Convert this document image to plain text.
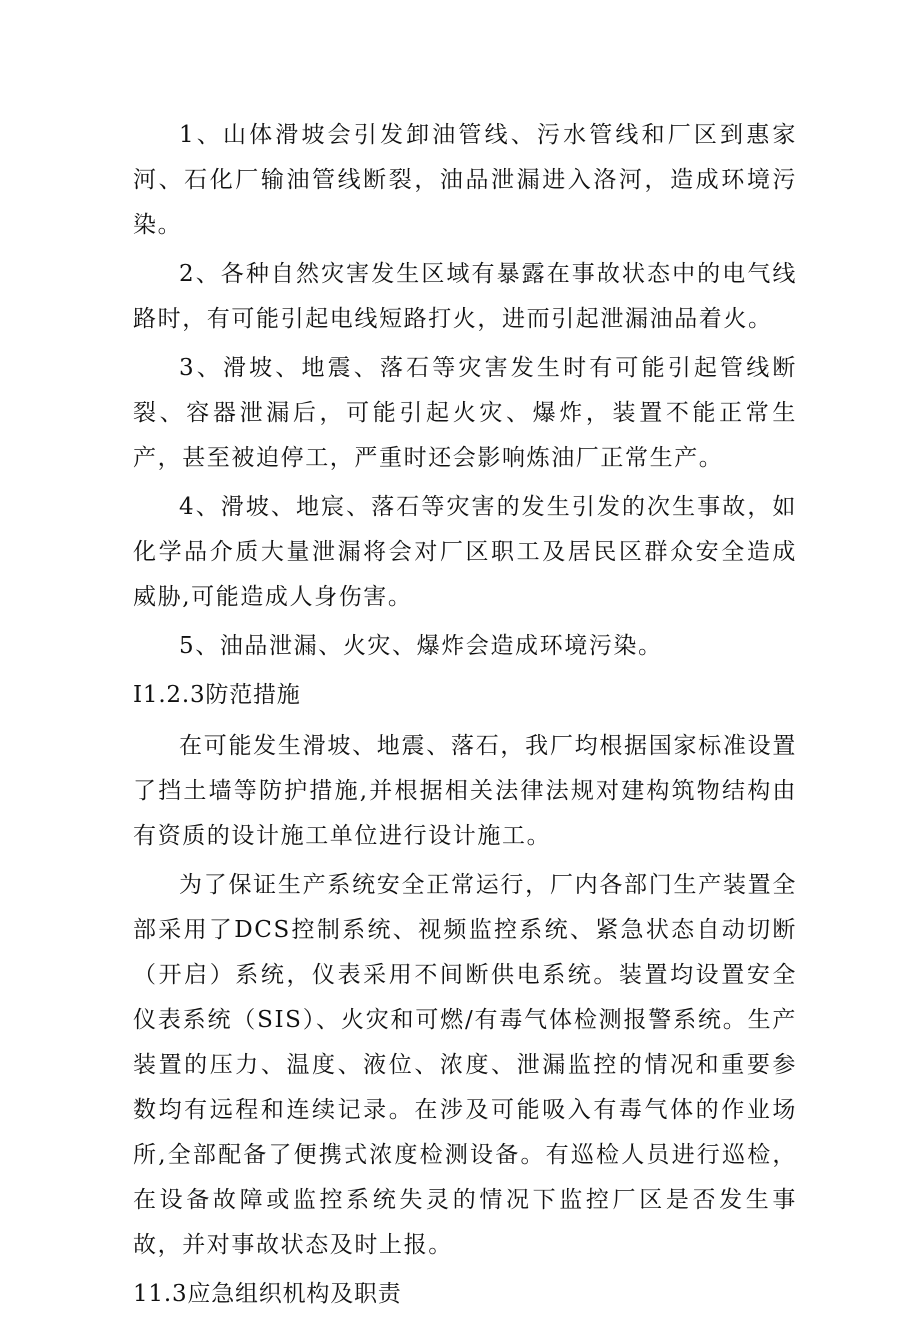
1、山体滑坡会引发卸油管线、污水管线和厂区到惠家河、石化厂输油管线断裂，油品泄漏进入洛河，造成环境污染。

2、各种自然灾害发生区域有暴露在事故状态中的电气线路时，有可能引起电线短路打火，进而引起泄漏油品着火。

3、滑坡、地震、落石等灾害发生时有可能引起管线断裂、容器泄漏后，可能引起火灾、爆炸，装置不能正常生产，甚至被迫停工，严重时还会影响炼油厂正常生产。

4、滑坡、地宸、落石等灾害的发生引发的次生事故，如化学品介质大量泄漏将会对厂区职工及居民区群众安全造成威胁,可能造成人身伤害。

5、油品泄漏、火灾、爆炸会造成环境污染。

I1.2.3防范措施

在可能发生滑坡、地震、落石，我厂均根据国家标准设置了挡土墙等防护措施,并根据相关法律法规对建构筑物结构由有资质的设计施工单位进行设计施工。

为了保证生产系统安全正常运行，厂内各部门生产装置全部采用了DCS控制系统、视频监控系统、紧急状态自动切断（开启）系统，仪表采用不间断供电系统。装置均设置安全仪表系统（SIS）、火灾和可燃/有毒气体检测报警系统。生产装置的压力、温度、液位、浓度、泄漏监控的情况和重要参数均有远程和连续记录。在涉及可能吸入有毒气体的作业场所,全部配备了便携式浓度检测设备。有巡检人员进行巡检，在设备故障或监控系统失灵的情况下监控厂区是否发生事故，并对事故状态及时上报。

11.3应急组织机构及职责
